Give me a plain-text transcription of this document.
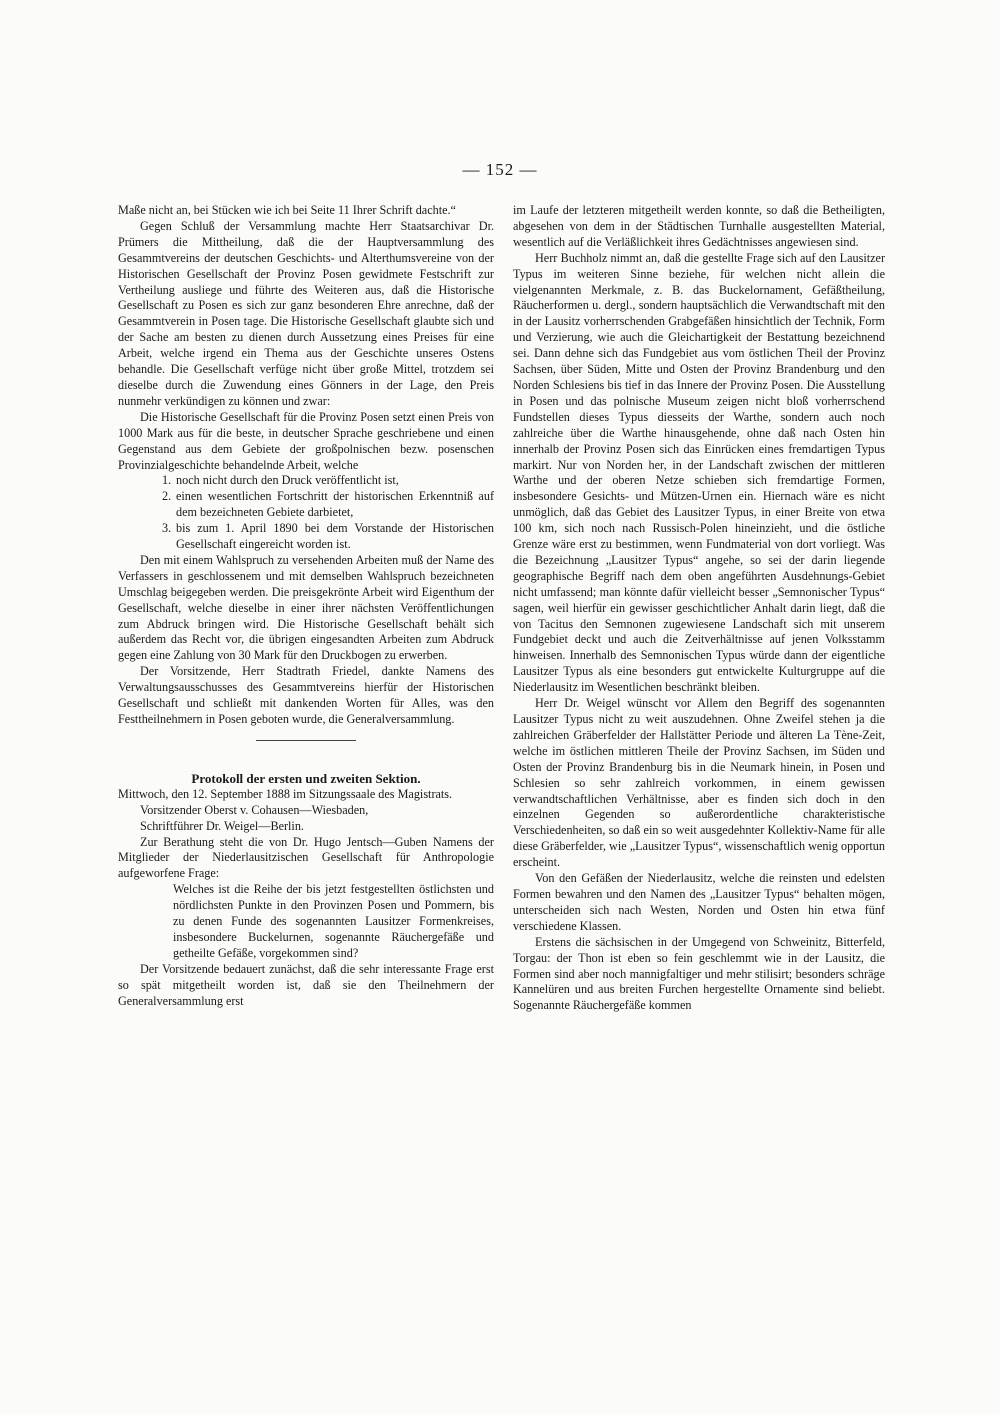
— 152 —

Maße nicht an, bei Stücken wie ich bei Seite 11 Ihrer Schrift dachte.“

Gegen Schluß der Versammlung machte Herr Staatsarchivar Dr. Prümers die Mittheilung, daß die der Hauptversammlung des Gesammtvereins der deutschen Geschichts- und Alterthumsvereine von der Historischen Gesellschaft der Provinz Posen gewidmete Festschrift zur Vertheilung ausliege und führte des Weiteren aus, daß die Historische Gesellschaft zu Posen es sich zur ganz besonderen Ehre anrechne, daß der Gesammtverein in Posen tage. Die Historische Gesellschaft glaubte sich und der Sache am besten zu dienen durch Aussetzung eines Preises für eine Arbeit, welche irgend ein Thema aus der Geschichte unseres Ostens behandle. Die Gesellschaft verfüge nicht über große Mittel, trotzdem sei dieselbe durch die Zuwendung eines Gönners in der Lage, den Preis nunmehr verkündigen zu können und zwar:

Die Historische Gesellschaft für die Provinz Posen setzt einen Preis von 1000 Mark aus für die beste, in deutscher Sprache geschriebene und einen Gegenstand aus dem Gebiete der großpolnischen bezw. posenschen Provinzialgeschichte behandelnde Arbeit, welche

1. noch nicht durch den Druck veröffentlicht ist,
2. einen wesentlichen Fortschritt der historischen Erkenntniß auf dem bezeichneten Gebiete darbietet,
3. bis zum 1. April 1890 bei dem Vorstande der Historischen Gesellschaft eingereicht worden ist.

Den mit einem Wahlspruch zu versehenden Arbeiten muß der Name des Verfassers in geschlossenem und mit demselben Wahlspruch bezeichneten Umschlag beigegeben werden. Die preisgekrönte Arbeit wird Eigenthum der Gesellschaft, welche dieselbe in einer ihrer nächsten Veröffentlichungen zum Abdruck bringen wird. Die Historische Gesellschaft behält sich außerdem das Recht vor, die übrigen eingesandten Arbeiten zum Abdruck gegen eine Zahlung von 30 Mark für den Druckbogen zu erwerben.

Der Vorsitzende, Herr Stadtrath Friedel, dankte Namens des Verwaltungsausschusses des Gesammtvereins hierfür der Historischen Gesellschaft und schließt mit dankenden Worten für Alles, was den Festtheilnehmern in Posen geboten wurde, die Generalversammlung.

Protokoll der ersten und zweiten Sektion.

Mittwoch, den 12. September 1888 im Sitzungssaale des Magistrats.

Vorsitzender Oberst v. Cohausen—Wiesbaden,

Schriftführer Dr. Weigel—Berlin.

Zur Berathung steht die von Dr. Hugo Jentsch—Guben Namens der Mitglieder der Niederlausitzischen Gesellschaft für Anthropologie aufgeworfene Frage:

Welches ist die Reihe der bis jetzt festgestellten östlichsten und nördlichsten Punkte in den Provinzen Posen und Pommern, bis zu denen Funde des sogenannten Lausitzer Formenkreises, insbesondere Buckelurnen, sogenannte Räuchergefäße und getheilte Gefäße, vorgekommen sind?

Der Vorsitzende bedauert zunächst, daß die sehr interessante Frage erst so spät mitgetheilt worden ist, daß sie den Theilnehmern der Generalversammlung erst

im Laufe der letzteren mitgetheilt werden konnte, so daß die Betheiligten, abgesehen von dem in der Städtischen Turnhalle ausgestellten Material, wesentlich auf die Verläßlichkeit ihres Gedächtnisses angewiesen sind.

Herr Buchholz nimmt an, daß die gestellte Frage sich auf den Lausitzer Typus im weiteren Sinne beziehe, für welchen nicht allein die vielgenannten Merkmale, z. B. das Buckelornament, Gefäßtheilung, Räucherformen u. dergl., sondern hauptsächlich die Verwandtschaft mit den in der Lausitz vorherrschenden Grabgefäßen hinsichtlich der Technik, Form und Verzierung, wie auch die Gleichartigkeit der Bestattung bezeichnend sei. Dann dehne sich das Fundgebiet aus vom östlichen Theil der Provinz Sachsen, über Süden, Mitte und Osten der Provinz Brandenburg und den Norden Schlesiens bis tief in das Innere der Provinz Posen. Die Ausstellung in Posen und das polnische Museum zeigen nicht bloß vorherrschend Fundstellen dieses Typus diesseits der Warthe, sondern auch noch zahlreiche über die Warthe hinausgehende, ohne daß nach Osten hin innerhalb der Provinz Posen sich das Einrücken eines fremdartigen Typus markirt. Nur von Norden her, in der Landschaft zwischen der mittleren Warthe und der oberen Netze schieben sich fremdartige Formen, insbesondere Gesichts- und Mützen-Urnen ein. Hiernach wäre es nicht unmöglich, daß das Gebiet des Lausitzer Typus, in einer Breite von etwa 100 km, sich noch nach Russisch-Polen hineinzieht, und die östliche Grenze wäre erst zu bestimmen, wenn Fundmaterial von dort vorliegt. Was die Bezeichnung „Lausitzer Typus“ angehe, so sei der darin liegende geographische Begriff nach dem oben angeführten Ausdehnungs-Gebiet nicht umfassend; man könnte dafür vielleicht besser „Semnonischer Typus“ sagen, weil hierfür ein gewisser geschichtlicher Anhalt darin liegt, daß die von Tacitus den Semnonen zugewiesene Landschaft sich mit unserem Fundgebiet deckt und auch die Zeitverhältnisse auf jenen Volksstamm hinweisen. Innerhalb des Semnonischen Typus würde dann der eigentliche Lausitzer Typus als eine besonders gut entwickelte Kulturgruppe auf die Niederlausitz im Wesentlichen beschränkt bleiben.

Herr Dr. Weigel wünscht vor Allem den Begriff des sogenannten Lausitzer Typus nicht zu weit auszudehnen. Ohne Zweifel stehen ja die zahlreichen Gräberfelder der Hallstätter Periode und älteren La Tène-Zeit, welche im östlichen mittleren Theile der Provinz Sachsen, im Süden und Osten der Provinz Brandenburg bis in die Neumark hinein, in Posen und Schlesien so sehr zahlreich vorkommen, in einem gewissen verwandtschaftlichen Verhältnisse, aber es finden sich doch in den einzelnen Gegenden so außerordentliche charakteristische Verschiedenheiten, so daß ein so weit ausgedehnter Kollektiv-Name für alle diese Gräberfelder, wie „Lausitzer Typus“, wissenschaftlich wenig opportun erscheint.

Von den Gefäßen der Niederlausitz, welche die reinsten und edelsten Formen bewahren und den Namen des „Lausitzer Typus“ behalten mögen, unterscheiden sich nach Westen, Norden und Osten hin etwa fünf verschiedene Klassen.

Erstens die sächsischen in der Umgegend von Schweinitz, Bitterfeld, Torgau: der Thon ist eben so fein geschlemmt wie in der Lausitz, die Formen sind aber noch mannigfaltiger und mehr stilisirt; besonders schräge Kannelüren und aus breiten Furchen hergestellte Ornamente sind beliebt. Sogenannte Räuchergefäße kommen
